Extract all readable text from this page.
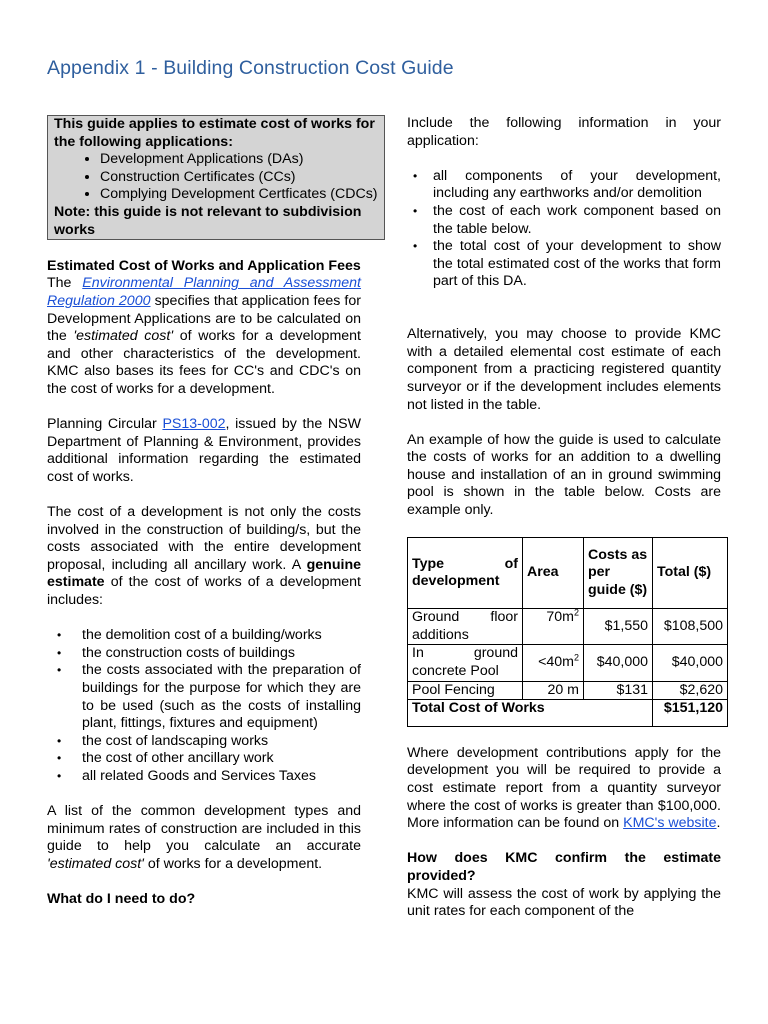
Appendix 1 - Building Construction Cost Guide
This guide applies to estimate cost of works for the following applications:
• Development Applications (DAs)
• Construction Certificates (CCs)
• Complying Development Certficates (CDCs)
Note: this guide is not relevant to subdivision works
Estimated Cost of Works and Application Fees
The Environmental Planning and Assessment Regulation 2000 specifies that application fees for Development Applications are to be calculated on the 'estimated cost' of works for a development and other characteristics of the development. KMC also bases its fees for CC's and CDC's on the cost of works for a development.
Planning Circular PS13-002, issued by the NSW Department of Planning & Environment, provides additional information regarding the estimated cost of works.
The cost of a development is not only the costs involved in the construction of building/s, but the costs associated with the entire development proposal, including all ancillary work. A genuine estimate of the cost of works of a development includes:
• the demolition cost of a building/works
• the construction costs of buildings
• the costs associated with the preparation of buildings for the purpose for which they are to be used (such as the costs of installing plant, fittings, fixtures and equipment)
• the cost of landscaping works
• the cost of other ancillary work
• all related Goods and Services Taxes
A list of the common development types and minimum rates of construction are included in this guide to help you calculate an accurate 'estimated cost' of works for a development.
What do I need to do?
Include the following information in your application:
• all components of your development, including any earthworks and/or demolition
• the cost of each work component based on the table below.
• the total cost of your development to show the total estimated cost of the works that form part of this DA.
Alternatively, you may choose to provide KMC with a detailed elemental cost estimate of each component from a practicing registered quantity surveyor or if the development includes elements not listed in the table.
An example of how the guide is used to calculate the costs of works for an addition to a dwelling house and installation of an in ground swimming pool is shown in the table below. Costs are example only.
Type of development	Area	Costs as per guide ($)	Total ($)
Ground floor additions	$70m^2$	$1,550	$108,500
In ground concrete Pool	$<40m^2$	$40,000	$40,000
Pool Fencing	20 m	$131	$2,620
Total Cost of Works			$151,120
Where development contributions apply for the development you will be required to provide a cost estimate report from a quantity surveyor where the cost of works is greater than $100,000. More information can be found on KMC's website.
How does KMC confirm the estimate provided?
KMC will assess the cost of work by applying the unit rates for each component of the
